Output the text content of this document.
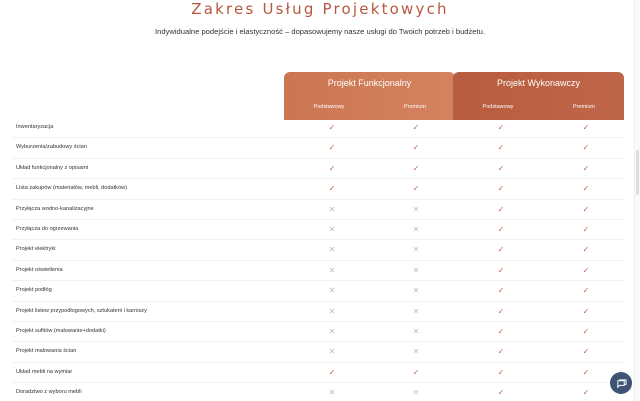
Zakres Usług Projektowych
Indywidualne podejście i elastyczność – dopasowujemy nasze usługi do Twoich potrzeb i budżetu.
Projekt Funkcjonalny
Podstawowy	Premium
Projekt Wykonawczy
Podstawowy	Premium
Inwentaryzacja	✓	✓	✓	✓
Wyburzenia/zabudowy ścian	✓	✓	✓	✓
Układ funkcjonalny z opisami	✓	✓	✓	✓
Lista zakupów (materiałów, mebli, dodatków)	✓	✓	✓	✓
Przyłącza wodno-kanalizacyjne	✕	✕	✓	✓
Przyłącza do ogrzewania	✕	✕	✓	✓
Projekt elektryki	✕	✕	✓	✓
Projekt oświetlenia	✕	✕	✓	✓
Projekt podłóg	✕	✕	✓	✓
Projekt listew przypodłogowych, sztukaterii i karniszy	✕	✕	✓	✓
Projekt sufitów (malowanie+dodatki)	✕	✕	✓	✓
Projekt malowania ścian	✕	✕	✓	✓
Układ mebli na wymiar	✓	✓	✓	✓
Doradztwo z wyboru mebli	✕	✕	✓	✓
